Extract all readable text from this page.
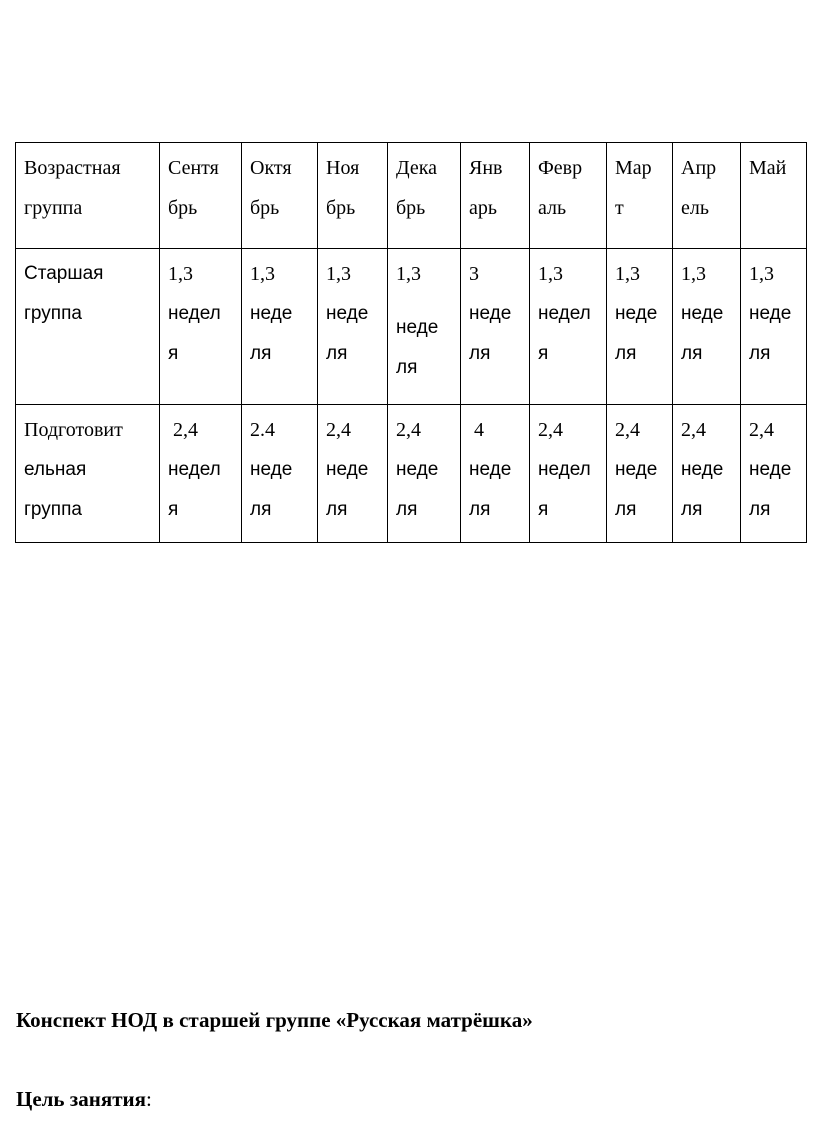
Возрастная
группа	Сентя
брь	Октя
брь	Ноя
брь	Дека
брь	Янв
арь	Февр
аль	Мар
т	Апр
ель	Май

Старшая
группа	1,3
недел
я	1,3
неде
ля	1,3
неде
ля	1,3
неде
ля	3
неде
ля	1,3
недел
я	1,3
неде
ля	1,3
неде
ля	1,3
неде
ля

Подготовит
ельная
группа	2,4
недел
я	2.4
неде
ля	2,4
неде
ля	2,4
неде
ля	4
неде
ля	2,4
недел
я	2,4
неде
ля	2,4
неде
ля	2,4
неде
ля

Конспект НОД в старшей группе «Русская матрёшка»

Цель занятия:
